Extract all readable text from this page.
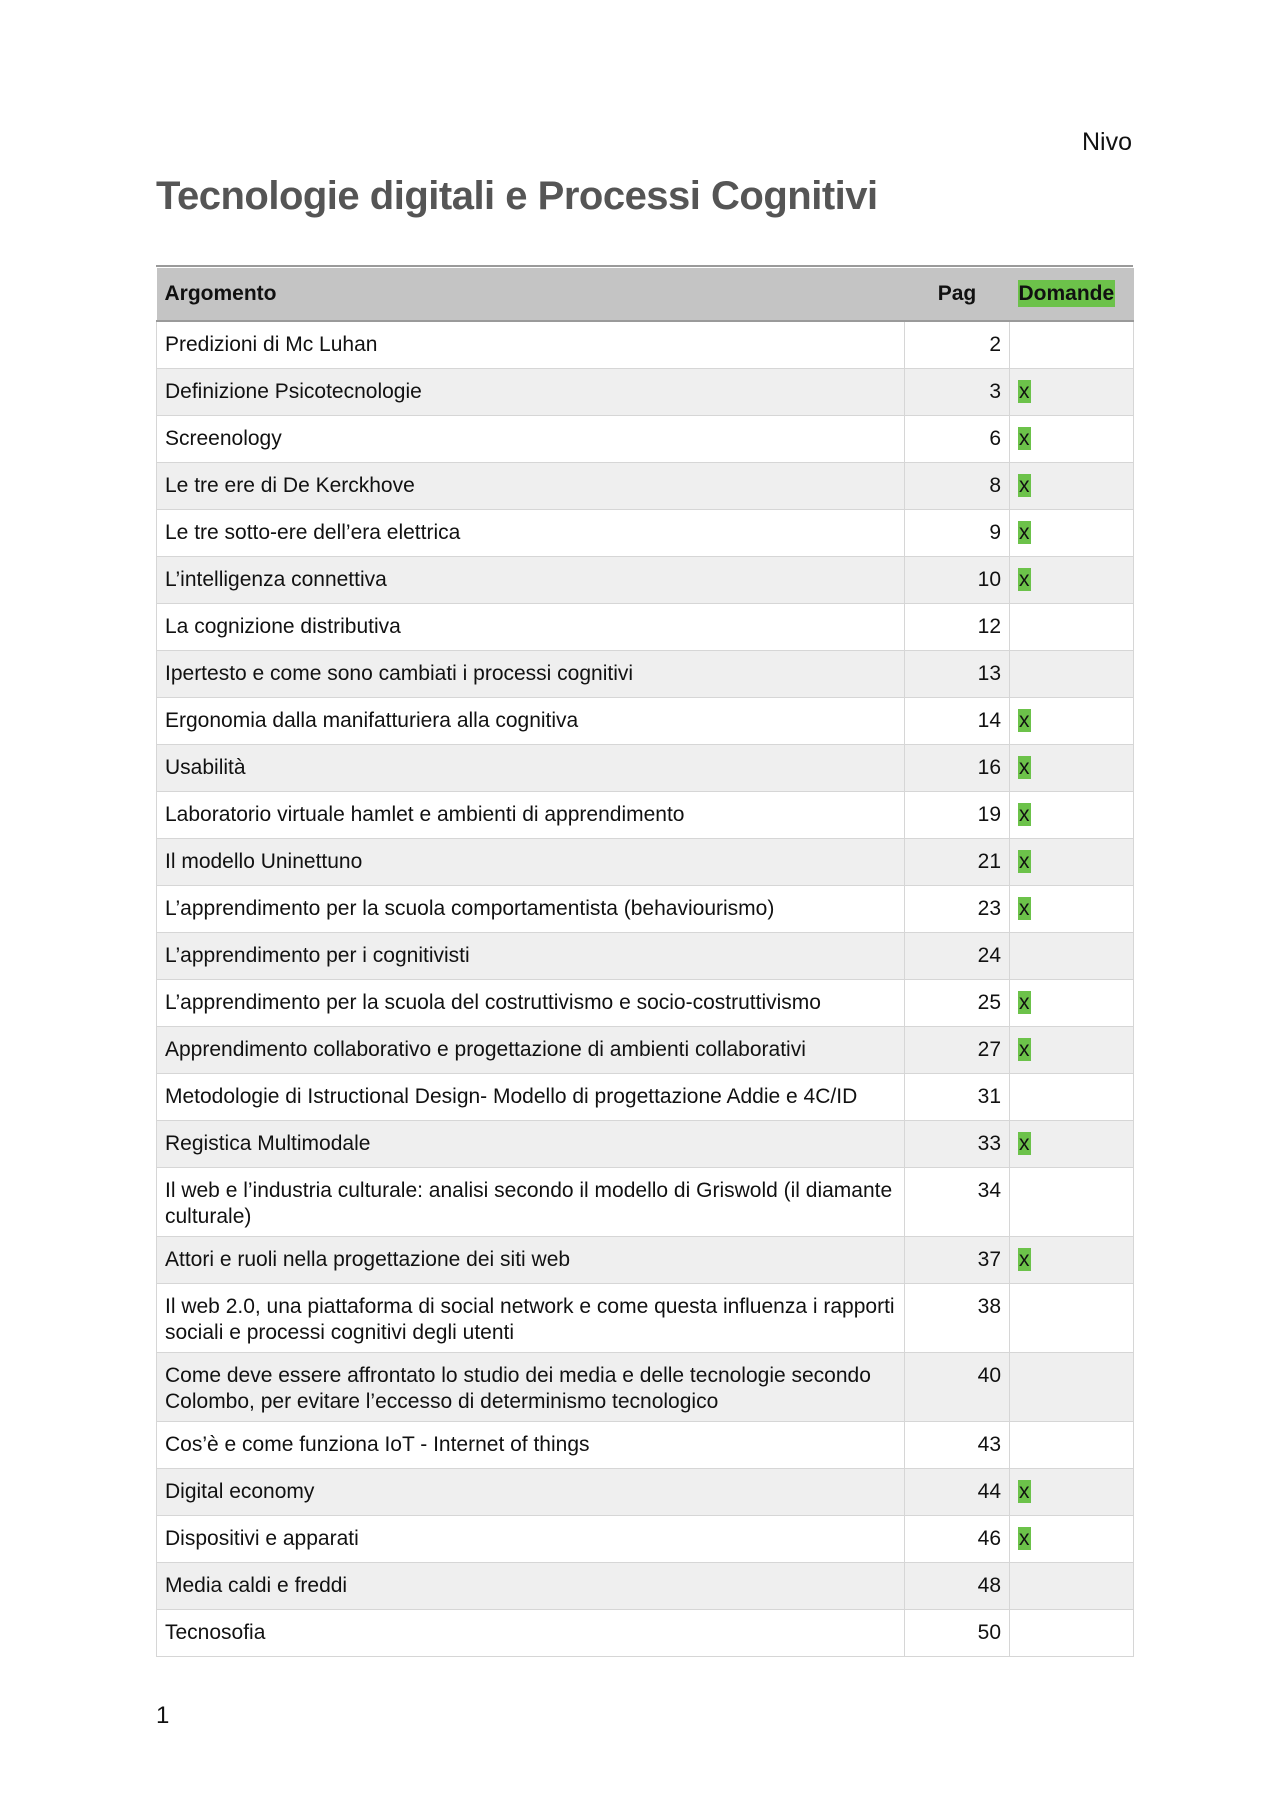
Nivo
Tecnologie digitali e Processi Cognitivi
Argomento	Pag	Domande
Predizioni di Mc Luhan	2	
Definizione Psicotecnologie	3	x
Screenology	6	x
Le tre ere di De Kerckhove	8	x
Le tre sotto-ere dell’era elettrica	9	x
L’intelligenza connettiva	10	x
La cognizione distributiva	12	
Ipertesto e come sono cambiati i processi cognitivi	13	
Ergonomia dalla manifatturiera alla cognitiva	14	x
Usabilità	16	x
Laboratorio virtuale hamlet e ambienti di apprendimento	19	x
Il modello Uninettuno	21	x
L’apprendimento per la scuola comportamentista (behaviourismo)	23	x
L’apprendimento per i cognitivisti	24	
L’apprendimento per la scuola del costruttivismo e socio-costruttivismo	25	x
Apprendimento collaborativo e progettazione di ambienti collaborativi	27	x
Metodologie di Istructional Design- Modello di progettazione Addie e 4C/ID	31	
Registica Multimodale	33	x
Il web e l’industria culturale: analisi secondo il modello di Griswold (il diamante culturale)	34	
Attori e ruoli nella progettazione dei siti web	37	x
Il web 2.0, una piattaforma di social network e come questa influenza i rapporti sociali e processi cognitivi degli utenti	38	
Come deve essere affrontato lo studio dei media e delle tecnologie secondo Colombo, per evitare l’eccesso di determinismo tecnologico	40	
Cos’è e come funziona IoT - Internet of things	43	
Digital economy	44	x
Dispositivi e apparati	46	x
Media caldi e freddi	48	
Tecnosofia	50	
1
